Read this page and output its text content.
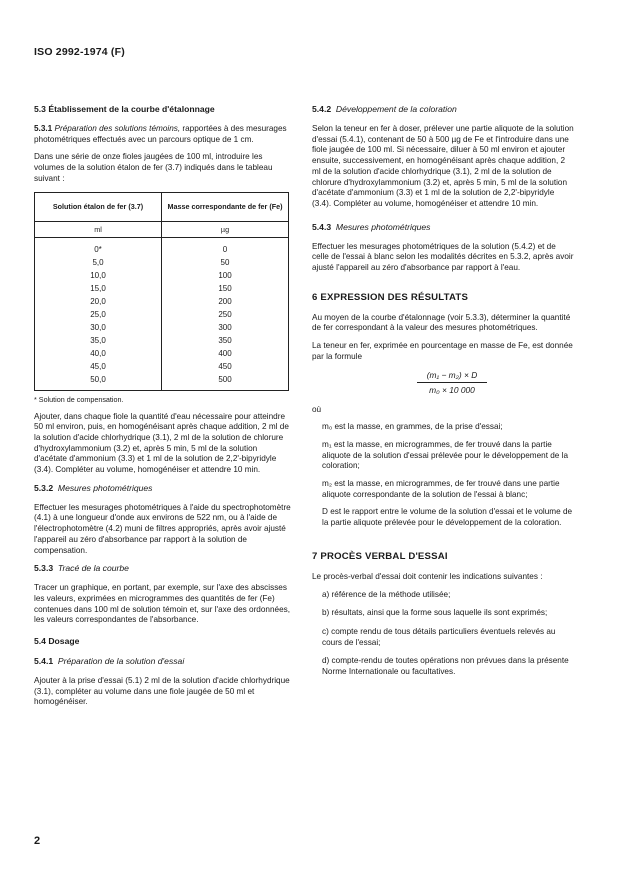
ISO 2992-1974 (F)
5.3 Établissement de la courbe d'étalonnage

5.3.1 Préparation des solutions témoins, rapportées à des mesurages photométriques effectués avec un parcours optique de 1 cm.

Dans une série de onze fioles jaugées de 100 ml, introduire les volumes de la solution étalon de fer (3.7) indiqués dans le tableau suivant :

Solution étalon de fer (3.7)	Masse correspondante de fer (Fe)
ml	µg
0*	0
5,0	50
10,0	100
15,0	150
20,0	200
25,0	250
30,0	300
35,0	350
40,0	400
45,0	450
50,0	500
* Solution de compensation.

Ajouter, dans chaque fiole la quantité d'eau nécessaire pour atteindre 50 ml environ, puis, en homogénéisant après chaque addition, 2 ml de la solution d'acide chlorhydrique (3.1), 2 ml de la solution de chlorure d'hydroxylammonium (3.2) et, après 5 min, 5 ml de la solution d'acétate d'ammonium (3.3) et 1 ml de la solution de 2,2'-bipyridyle (3.4). Compléter au volume, homogénéiser et attendre 10 min.

5.3.2 Mesures photométriques

Effectuer les mesurages photométriques à l'aide du spectrophotomètre (4.1) à une longueur d'onde aux environs de 522 nm, ou à l'aide de l'électrophotomètre (4.2) muni de filtres appropriés, après avoir ajusté l'appareil au zéro d'absorbance par rapport à la solution de compensation.

5.3.3 Tracé de la courbe

Tracer un graphique, en portant, par exemple, sur l'axe des abscisses les valeurs, exprimées en microgrammes des quantités de fer (Fe) contenues dans 100 ml de solution témoin et, sur l'axe des ordonnées, les valeurs correspondantes de l'absorbance.

5.4 Dosage
5.4.1 Préparation de la solution d'essai

Ajouter à la prise d'essai (5.1) 2 ml de la solution d'acide chlorhydrique (3.1), compléter au volume dans une fiole jaugée de 50 ml et homogénéiser.

5.4.2 Développement de la coloration

Selon la teneur en fer à doser, prélever une partie aliquote de la solution d'essai (5.4.1), contenant de 50 à 500 µg de Fe et l'introduire dans une fiole jaugée de 100 ml. Si nécessaire, diluer à 50 ml environ et ajouter ensuite, successivement, en homogénéisant après chaque addition, 2 ml de la solution d'acide chlorhydrique (3.1), 2 ml de la solution de chlorure d'hydroxylammonium (3.2) et, après 5 min, 5 ml de la solution d'acétate d'ammonium (3.3) et 1 ml de la solution de 2,2'-bipyridyle (3.4). Compléter au volume, homogénéiser et attendre 10 min.

5.4.3 Mesures photométriques

Effectuer les mesurages photométriques de la solution (5.4.2) et de celle de l'essai à blanc selon les modalités décrites en 5.3.2, après avoir ajusté l'appareil au zéro d'absorbance par rapport à l'eau.

6 EXPRESSION DES RÉSULTATS

Au moyen de la courbe d'étalonnage (voir 5.3.3), déterminer la quantité de fer correspondant à la valeur des mesures photométriques.

La teneur en fer, exprimée en pourcentage en masse de Fe, est donnée par la formule

(m₁ − m₂) × D
m₀ × 10 000

où

m₀ est la masse, en grammes, de la prise d'essai;
m₁ est la masse, en microgrammes, de fer trouvé dans la partie aliquote de la solution d'essai prélevée pour le développement de la coloration;
m₂ est la masse, en microgrammes, de fer trouvé dans une partie aliquote correspondante de la solution de l'essai à blanc;
D est le rapport entre le volume de la solution d'essai et le volume de la partie aliquote prélevée pour le développement de la coloration.
7 PROCÈS VERBAL D'ESSAI

Le procès-verbal d'essai doit contenir les indications suivantes :

a) référence de la méthode utilisée;
b) résultats, ainsi que la forme sous laquelle ils sont exprimés;
c) compte rendu de tous détails particuliers éventuels relevés au cours de l'essai;
d) compte-rendu de toutes opérations non prévues dans la présente Norme Internationale ou facultatives.
2
